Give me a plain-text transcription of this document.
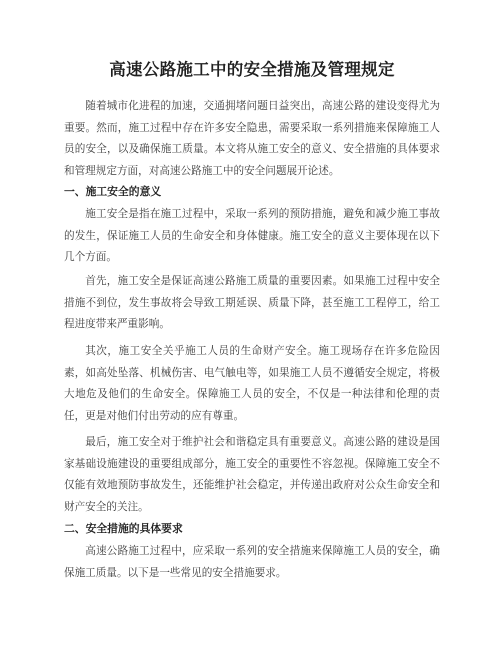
高速公路施工中的安全措施及管理规定

随着城市化进程的加速，交通拥堵问题日益突出，高速公路的建设变得尤为重要。然而，施工过程中存在许多安全隐患，需要采取一系列措施来保障施工人员的安全，以及确保施工质量。本文将从施工安全的意义、安全措施的具体要求和管理规定方面，对高速公路施工中的安全问题展开论述。

一、施工安全的意义

施工安全是指在施工过程中，采取一系列的预防措施，避免和减少施工事故的发生，保证施工人员的生命安全和身体健康。施工安全的意义主要体现在以下几个方面。

首先，施工安全是保证高速公路施工质量的重要因素。如果施工过程中安全措施不到位，发生事故将会导致工期延误、质量下降，甚至施工工程停工，给工程进度带来严重影响。

其次，施工安全关乎施工人员的生命财产安全。施工现场存在许多危险因素，如高处坠落、机械伤害、电气触电等，如果施工人员不遵循安全规定，将极大地危及他们的生命安全。保障施工人员的安全，不仅是一种法律和伦理的责任，更是对他们付出劳动的应有尊重。

最后，施工安全对于维护社会和谐稳定具有重要意义。高速公路的建设是国家基础设施建设的重要组成部分，施工安全的重要性不容忽视。保障施工安全不仅能有效地预防事故发生，还能维护社会稳定，并传递出政府对公众生命安全和财产安全的关注。

二、安全措施的具体要求

高速公路施工过程中，应采取一系列的安全措施来保障施工人员的安全，确保施工质量。以下是一些常见的安全措施要求。
